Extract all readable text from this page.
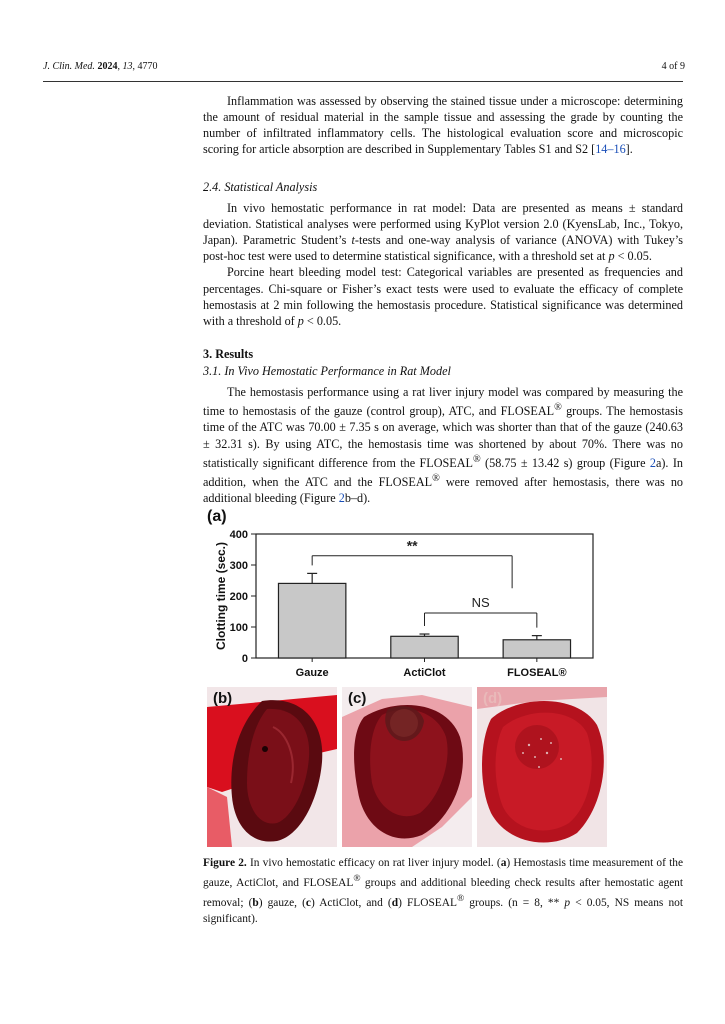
J. Clin. Med. 2024, 13, 4770	4 of 9

Inflammation was assessed by observing the stained tissue under a microscope: determining the amount of residual material in the sample tissue and assessing the grade by counting the number of infiltrated inflammatory cells. The histological evaluation score and microscopic scoring for article absorption are described in Supplementary Tables S1 and S2 [14–16].

2.4. Statistical Analysis

In vivo hemostatic performance in rat model: Data are presented as means ± standard deviation. Statistical analyses were performed using KyPlot version 2.0 (KyensLab, Inc., Tokyo, Japan). Parametric Student’s t-tests and one-way analysis of variance (ANOVA) with Tukey’s post-hoc test were used to determine statistical significance, with a threshold set at p < 0.05.

Porcine heart bleeding model test: Categorical variables are presented as frequencies and percentages. Chi-square or Fisher’s exact tests were used to evaluate the efficacy of complete hemostasis at 2 min following the hemostasis procedure. Statistical significance was determined with a threshold of p < 0.05.

3. Results

3.1. In Vivo Hemostatic Performance in Rat Model

The hemostasis performance using a rat liver injury model was compared by measuring the time to hemostasis of the gauze (control group), ATC, and FLOSEAL® groups. The hemostasis time of the ATC was 70.00 ± 7.35 s on average, which was shorter than that of the gauze (240.63 ± 32.31 s). By using ATC, the hemostasis time was shortened by about 70%. There was no statistically significant difference from the FLOSEAL® (58.75 ± 13.42 s) group (Figure 2a). In addition, when the ATC and the FLOSEAL® were removed after hemostasis, there was no additional bleeding (Figure 2b–d).

(a)
Clotting time (sec.)
0
100
200
300
400
Gauze	ActiClot	FLOSEAL®
**
NS
(b)	(c)	(d)

Figure 2. In vivo hemostatic efficacy on rat liver injury model. (a) Hemostasis time measurement of the gauze, ActiClot, and FLOSEAL® groups and additional bleeding check results after hemostatic agent removal; (b) gauze, (c) ActiClot, and (d) FLOSEAL® groups. (n = 8, ** p < 0.05, NS means not significant).
